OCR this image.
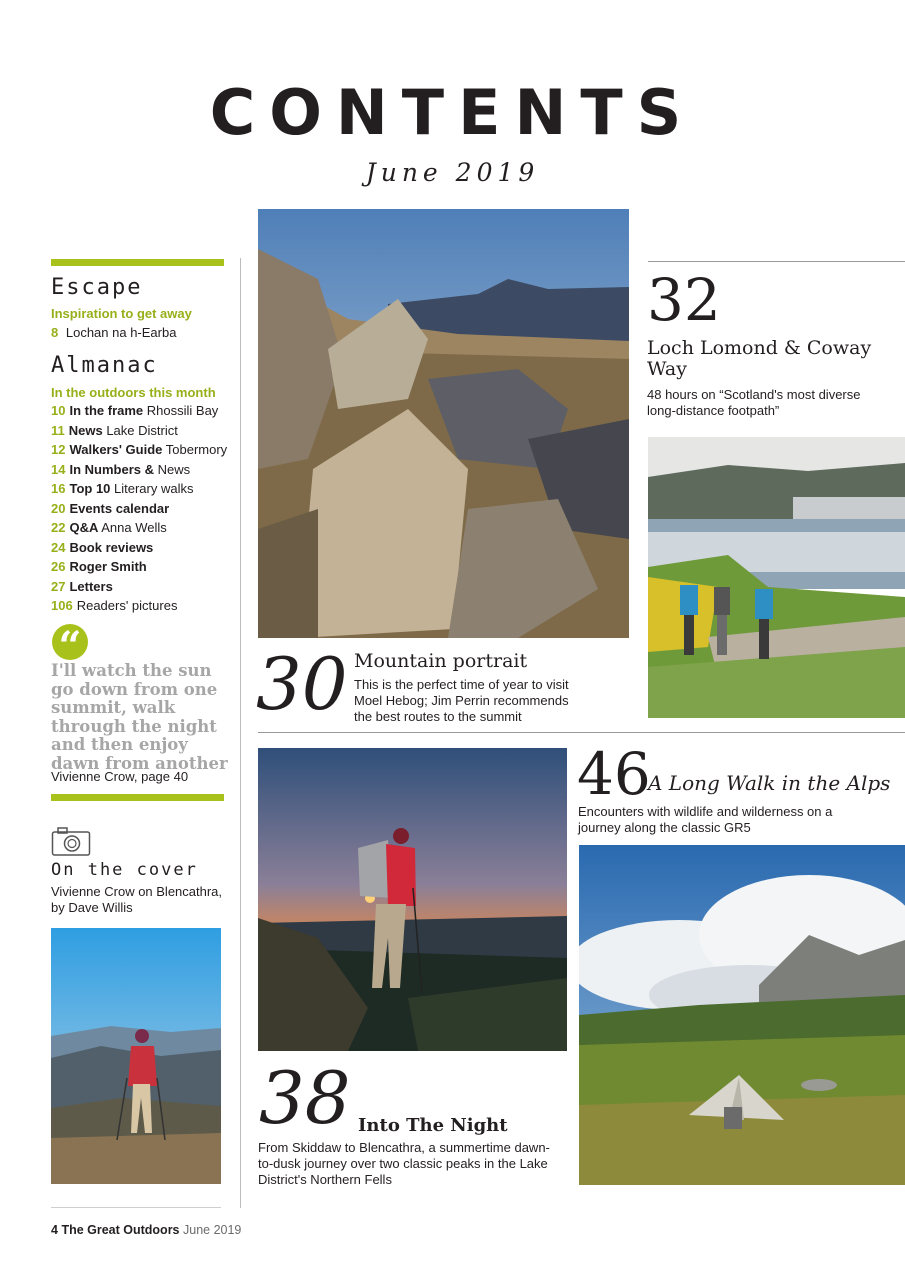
CONTENTS
June 2019
Escape
Inspiration to get away
8 Lochan na h-Earba
Almanac
In the outdoors this month
10 In the frame Rhossili Bay
11 News Lake District
12 Walkers' Guide Tobermory
14 In Numbers & News
16 Top 10 Literary walks
20 Events calendar
22 Q&A Anna Wells
24 Book reviews
26 Roger Smith
27 Letters
106 Readers' pictures
“
I'll watch the sun go down from one summit, walk through the night and then enjoy dawn from another
Vivienne Crow, page 40
On the cover
Vivienne Crow on Blencathra, by Dave Willis
32
Loch Lomond & Coway Way
48 hours on “Scotland's most diverse long-distance footpath”
30 Mountain portrait
This is the perfect time of year to visit Moel Hebog; Jim Perrin recommends the best routes to the summit
38 Into The Night
From Skiddaw to Blencathra, a summertime dawn-to-dusk journey over two classic peaks in the Lake District's Northern Fells
46
A Long Walk in the Alps
Encounters with wildlife and wilderness on a journey along the classic GR5
4 The Great Outdoors June 2019
